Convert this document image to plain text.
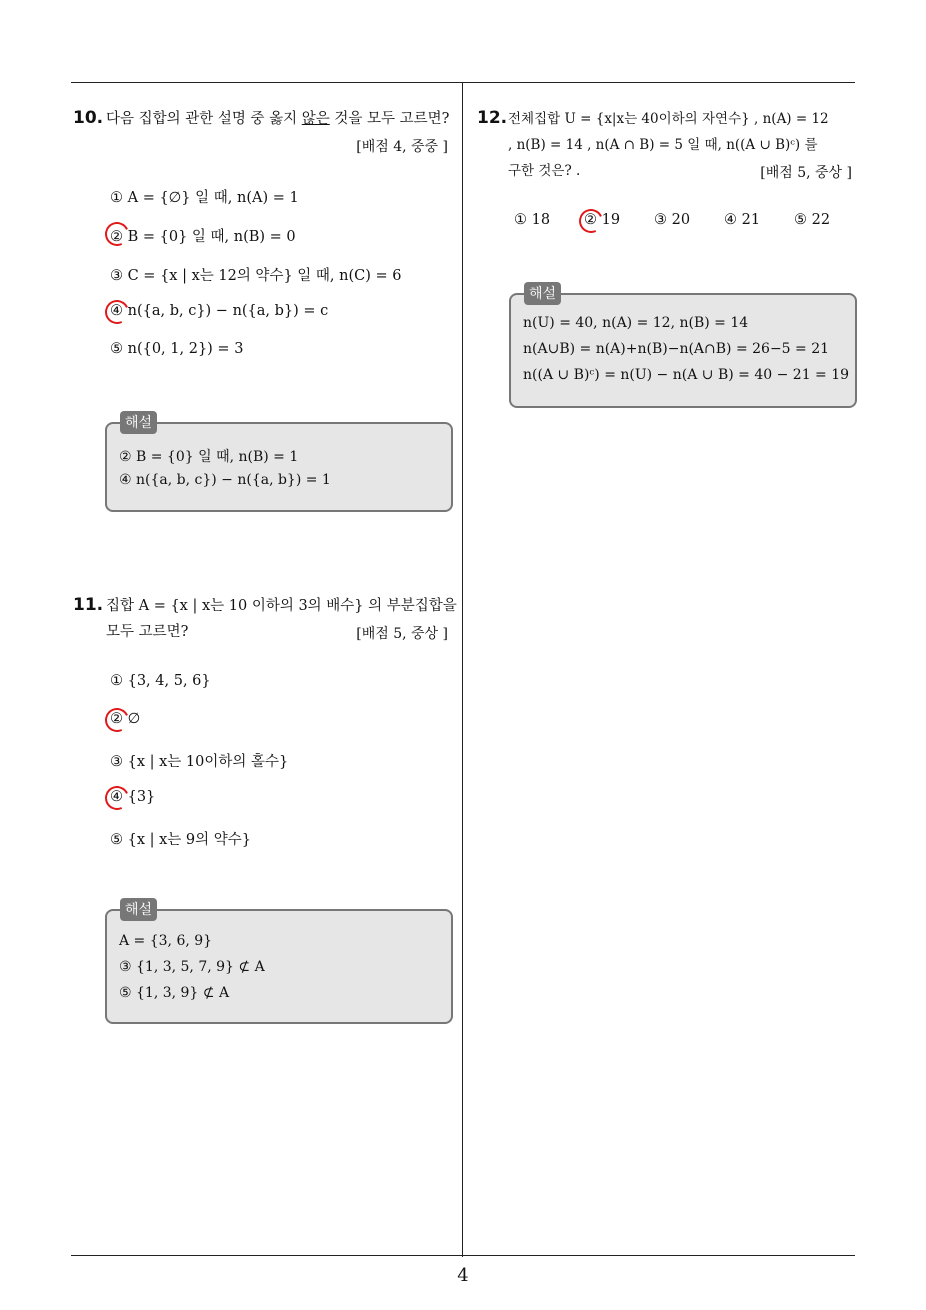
10. 다음 집합의 관한 설명 중 옳지 않은 것을 모두 고르면?
[배점 4, 중중 ]
① A = {∅} 일 때, n(A) = 1
② B = {0} 일 때, n(B) = 0
③ C = {x | x는 12의 약수} 일 때, n(C) = 6
④ n({a, b, c}) − n({a, b}) = c
⑤ n({0, 1, 2}) = 3
② B = {0} 일 때, n(B) = 1
④ n({a, b, c}) − n({a, b}) = 1
해설
11. 집합 A = {x | x는 10 이하의 3의 배수} 의 부분집합을
모두 고르면?	[배점 5, 중상 ]
① {3, 4, 5, 6}
② ∅
③ {x | x는 10이하의 홀수}
④ {3}
⑤ {x | x는 9의 약수}
A = {3, 6, 9}
③ {1, 3, 5, 7, 9} ⊄ A
⑤ {1, 3, 9} ⊄ A
해설
12. 전체집합 U = {x|x는 40이하의 자연수} , n(A) = 12
, n(B) = 14 , n(A ∩ B) = 5 일 때, n((A ∪ B)ᶜ) 를
구한 것은? .	[배점 5, 중상 ]
① 18 ② 19 ③ 20 ④ 21 ⑤ 22
n(U) = 40, n(A) = 12, n(B) = 14
n(A∪B) = n(A)+n(B)−n(A∩B) = 26−5 = 21
n((A ∪ B)ᶜ) = n(U) − n(A ∪ B) = 40 − 21 = 19
해설
4
